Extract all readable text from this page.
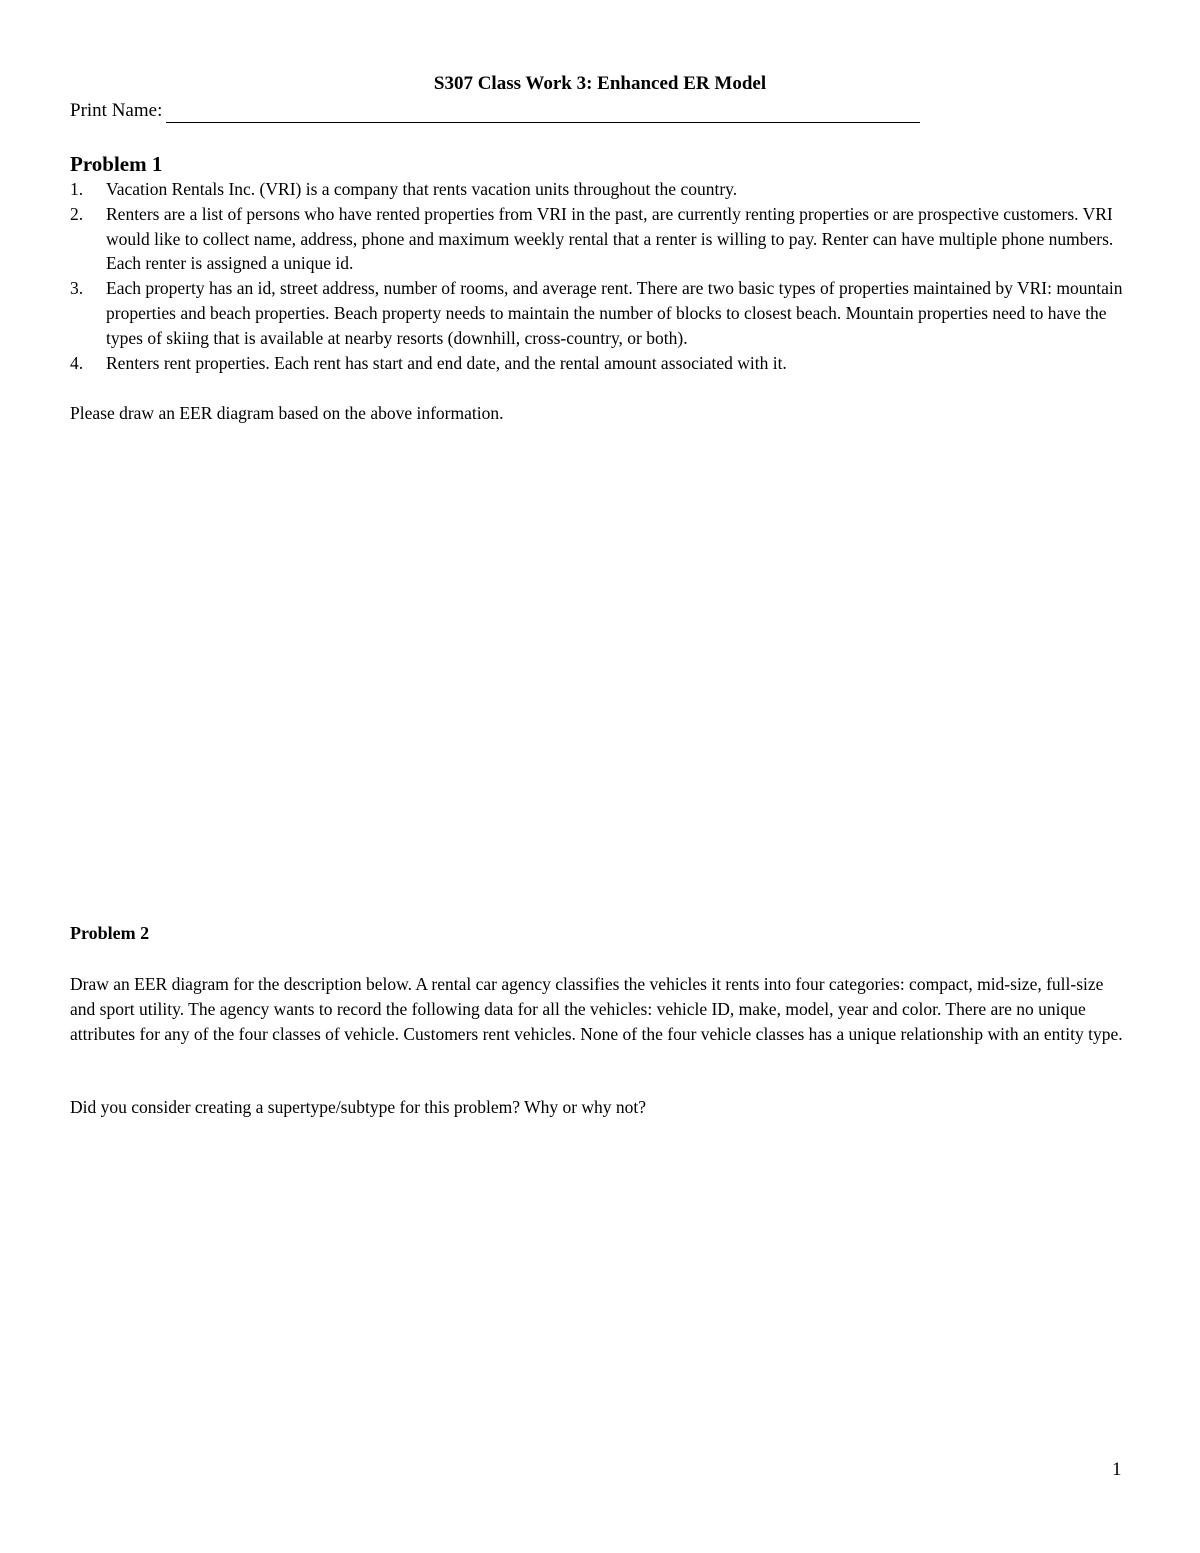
S307 Class Work 3: Enhanced ER Model
Print Name:
Problem 1
1.	Vacation Rentals Inc. (VRI) is a company that rents vacation units throughout the country.
2.	Renters are a list of persons who have rented properties from VRI in the past, are currently renting properties or are prospective customers. VRI would like to collect name, address, phone and maximum weekly rental that a renter is willing to pay. Renter can have multiple phone numbers. Each renter is assigned a unique id.
3.	Each property has an id, street address, number of rooms, and average rent. There are two basic types of properties maintained by VRI: mountain properties and beach properties. Beach property needs to maintain the number of blocks to closest beach. Mountain properties need to have the types of skiing that is available at nearby resorts (downhill, cross-country, or both).
4.	Renters rent properties. Each rent has start and end date, and the rental amount associated with it.
Please draw an EER diagram based on the above information.
Problem 2

Draw an EER diagram for the description below. A rental car agency classifies the vehicles it rents into four categories: compact, mid-size, full-size and sport utility. The agency wants to record the following data for all the vehicles: vehicle ID, make, model, year and color. There are no unique attributes for any of the four classes of vehicle. Customers rent vehicles. None of the four vehicle classes has a unique relationship with an entity type.

Did you consider creating a supertype/subtype for this problem? Why or why not?

1
